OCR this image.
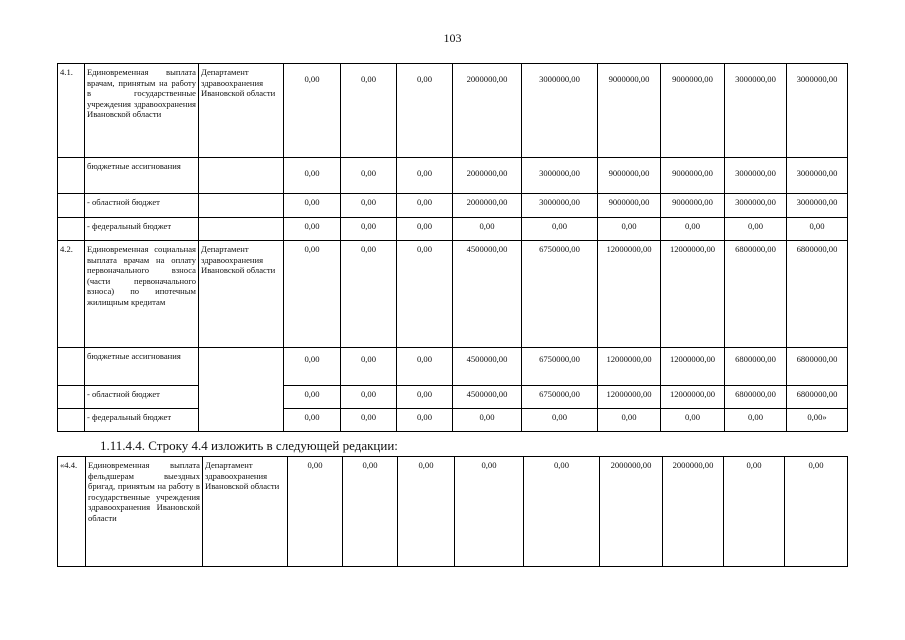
103
4.1.	Единовременная выплата врачам, принятым на работу в государственные учреждения здравоохранения Ивановской области	Департамент здравоохранения Ивановской области	0,00	0,00	0,00	2000000,00	3000000,00	9000000,00	9000000,00	3000000,00	3000000,00
	бюджетные ассигнования		0,00	0,00	0,00	2000000,00	3000000,00	9000000,00	9000000,00	3000000,00	3000000,00
	- областной бюджет		0,00	0,00	0,00	2000000,00	3000000,00	9000000,00	9000000,00	3000000,00	3000000,00
	- федеральный бюджет		0,00	0,00	0,00	0,00	0,00	0,00	0,00	0,00	0,00
4.2.	Единовременная социальная выплата врачам на оплату первоначального взноса (части первоначального взноса) по ипотечным жилищным кредитам	Департамент здравоохранения Ивановской области	0,00	0,00	0,00	4500000,00	6750000,00	12000000,00	12000000,00	6800000,00	6800000,00
	бюджетные ассигнования		0,00	0,00	0,00	4500000,00	6750000,00	12000000,00	12000000,00	6800000,00	6800000,00
	- областной бюджет		0,00	0,00	0,00	4500000,00	6750000,00	12000000,00	12000000,00	6800000,00	6800000,00
	- федеральный бюджет		0,00	0,00	0,00	0,00	0,00	0,00	0,00	0,00	0,00»
1.11.4.4. Строку 4.4 изложить в следующей редакции:
«4.4.	Единовременная выплата фельдшерам выездных бригад, принятым на работу в государственные учреждения здравоохранения Ивановской области	Департамент здравоохранения Ивановской области	0,00	0,00	0,00	0,00	0,00	2000000,00	2000000,00	0,00	0,00
